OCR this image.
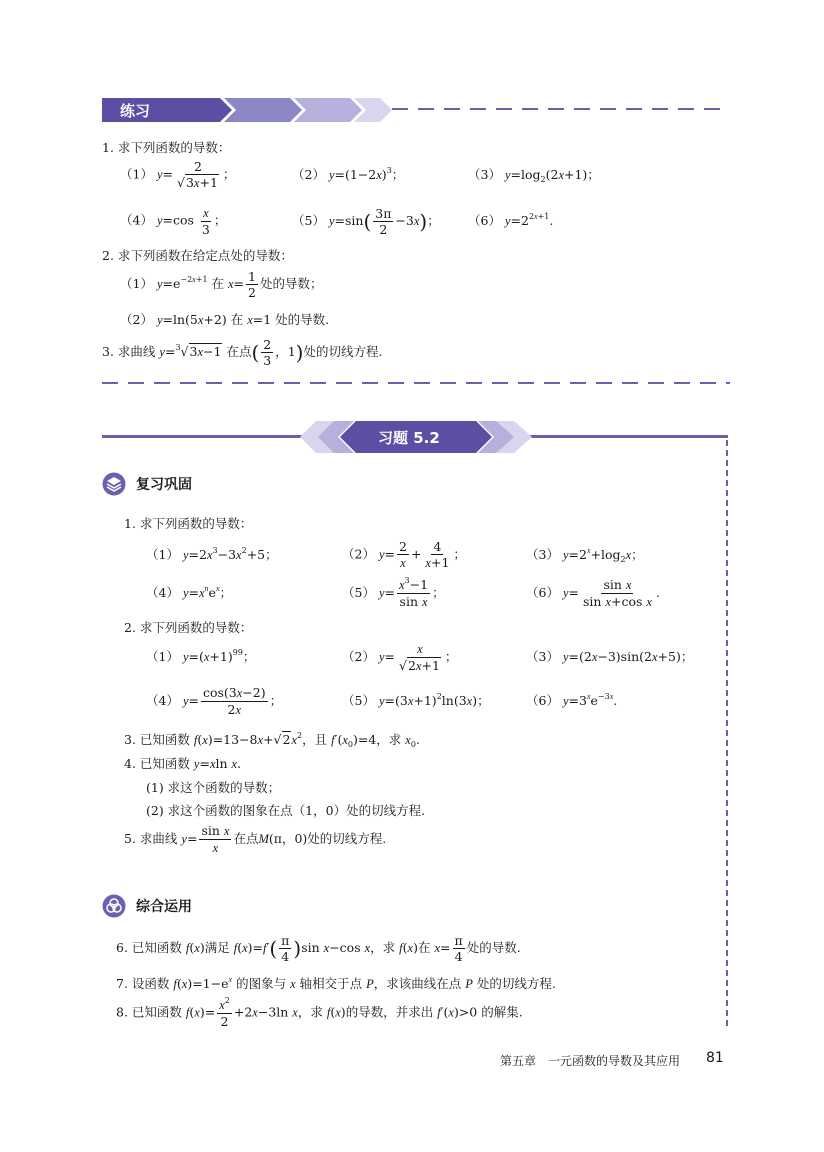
练习
1. 求下列函数的导数：
（1） $y= \frac{2}{√3x+1}$ ；	（2） $y=(1-2x)^3$；	（3） $y=\log_2(2x+1)$；
（4） $y=\cos \frac{x}{3}$ ；	（5） $y=\sin( \frac{3\pi}{2} -3x)$； （6） $y=2^{2x+1}$.
2. 求下列函数在给定点处的导数：
（1） $y=e^{-2x+1}$ 在 $x= \frac{1}{2}$ 处的导数；
（2） y=ln(5x+2) 在 x=1 处的导数.
3. 求曲线 y=$^3$√3x−1 在点( $\frac{2}{3}$ ，1)处的切线方程.
习题 5.2
复习巩固
1. 求下列函数的导数：
（1） $y=2x^3-3x^2+5$；	（2） $y= \frac{2}{x} + \frac{4}{x+1}$ ；	（3） $y=2^x+\log_2x$；
（4） $y=x^ne^x$；	（5） $y= \frac{x^3-1}{\text{sin x}}$ ；	（6） $y= \frac{\text{sin x}}{\text{sin x+cos x}}$ .
2. 求下列函数的导数：
（1） $y=(x+1)^{99}$；	（2） $y= \frac{x}{√2x+1}$ ；	（3） y=(2x−3)sin(2x+5)；
（4） $y= \frac{\cos(3x-2)}{2x}$ ；	（5） $y=(3x+1)^2\ln(3x)$；	（6） $y=3^xe^{-3x}$.
3. 已知函数 $f(x)=13-8x+√2x^2$，且 $f'(x_0)=4$，求 $x_0$.
4. 已知函数 y=xln x.
(1) 求这个函数的导数；
(2) 求这个函数的图象在点（1，0）处的切线方程.
5. 求曲线 $y= \frac{\text{sin x}}{x}$ 在点M(π，0)处的切线方程.
综合运用
6. 已知函数 f(x)满足 $f(x)=f'( \frac{\pi}{4} )\sin$ x−cos x，求 f(x)在 $x= \frac{\pi}{4}$ 处的导数.
7. 设函数 $f(x)=1-e^x$ 的图象与 x 轴相交于点 P，求该曲线在点 P 处的切线方程.
8. 已知函数 $f(x)= \frac{x^2}{2} +2x-3\ln$ x，求 f(x)的导数，并求出 f′(x)>0 的解集.
第五章　一元函数的导数及其应用 81
